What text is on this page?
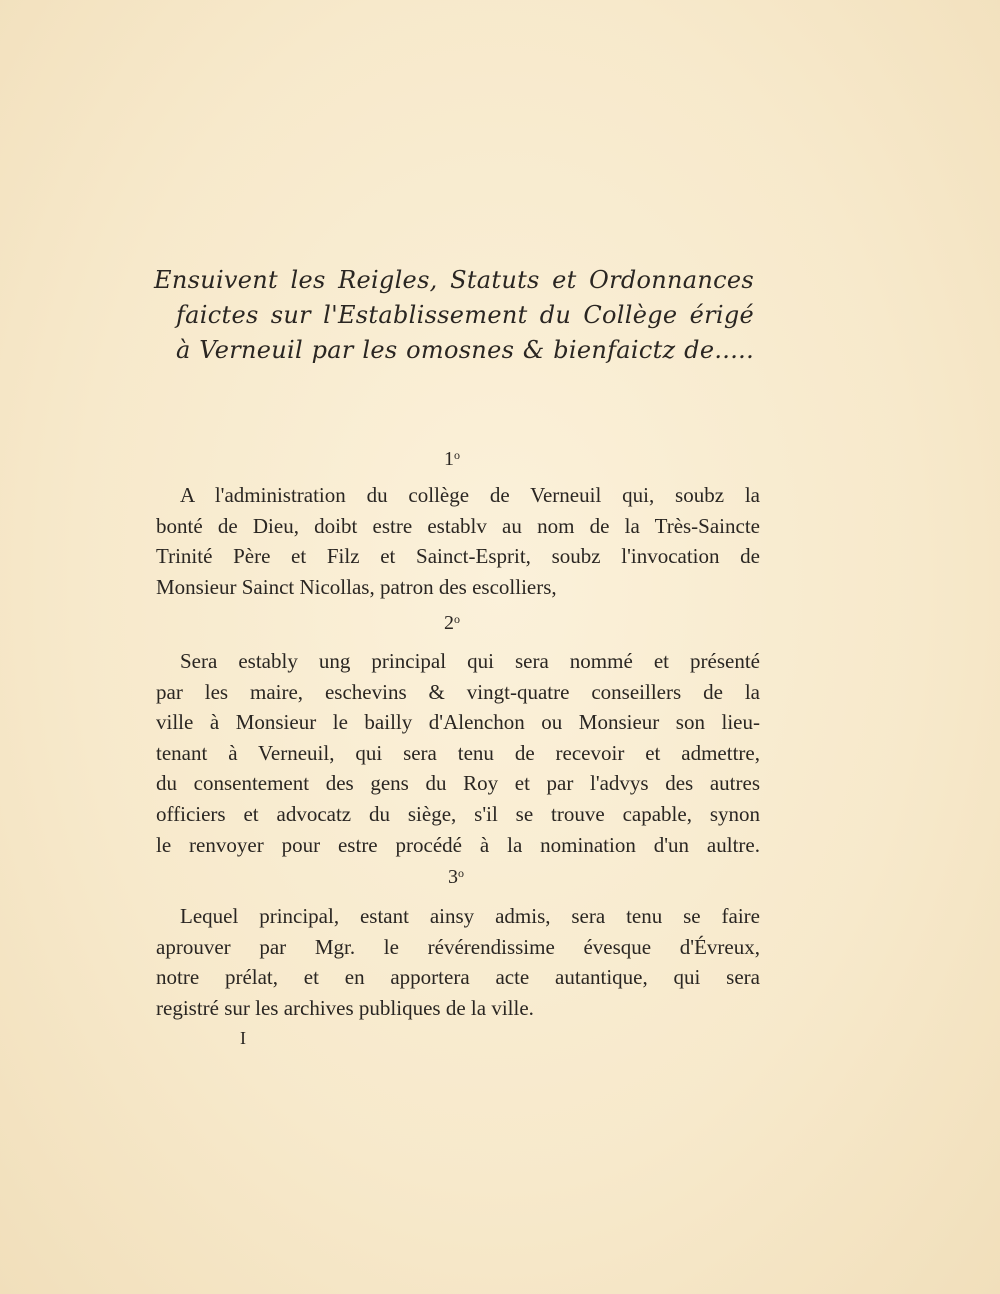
Ensuivent les Reigles, Statuts et Ordonnances
faictes sur l'Establissement du Collège érigé
à Verneuil par les omosnes & bienfaictz de.....
1$^o$
A l'administration du collège de Verneuil qui, soubz la
bonté de Dieu, doibt estre establv au nom de la Très-Saincte
Trinité Père et Filz et Sainct-Esprit, soubz l'invocation de
Monsieur Sainct Nicollas, patron des escolliers,
2$^o$
Sera estably ung principal qui sera nommé et présenté
par les maire, eschevins & vingt-quatre conseillers de la
ville à Monsieur le bailly d'Alenchon ou Monsieur son lieu-
tenant à Verneuil, qui sera tenu de recevoir et admettre,
du consentement des gens du Roy et par l'advys des autres
officiers et advocatz du siège, s'il se trouve capable, synon
le renvoyer pour estre procédé à la nomination d'un aultre.
3$^o$
Lequel principal, estant ainsy admis, sera tenu se faire
aprouver par Mgr. le révérendissime évesque d'Évreux,
notre prélat, et en apportera acte autantique, qui sera
registré sur les archives publiques de la ville.
I
